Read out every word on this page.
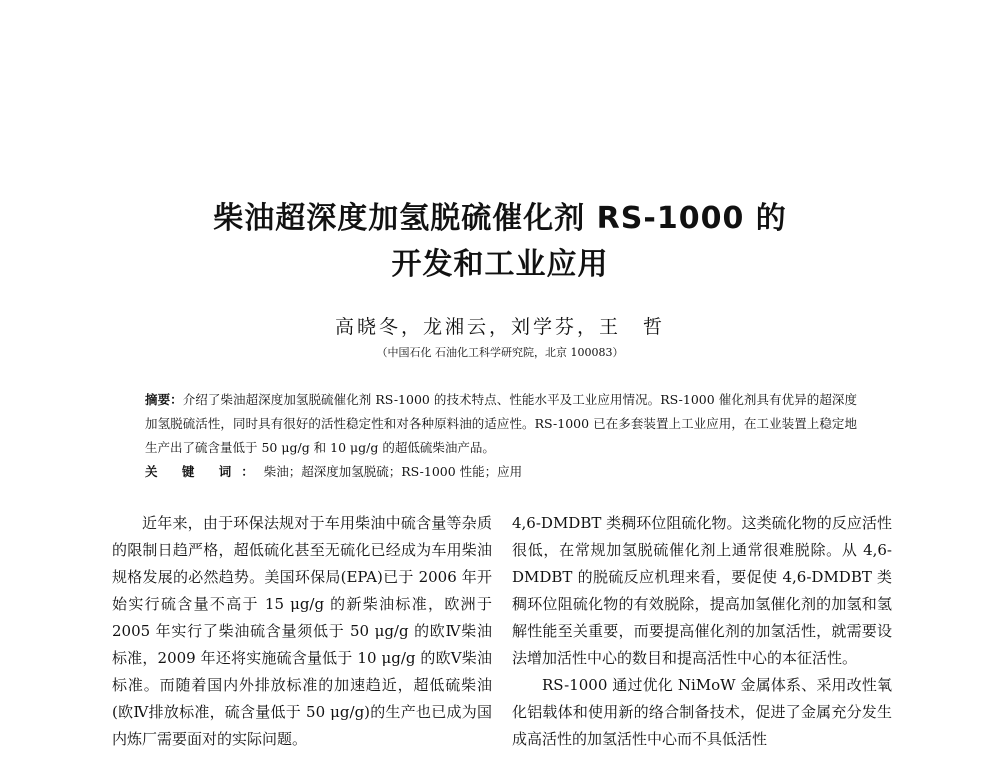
柴油超深度加氢脱硫催化剂 RS-1000 的
开发和工业应用
高晓冬，龙湘云，刘学芬，王　哲
（中国石化 石油化工科学研究院，北京 100083）
摘要：介绍了柴油超深度加氢脱硫催化剂 RS-1000 的技术特点、性能水平及工业应用情况。RS-1000 催化剂具有优异的超深度加氢脱硫活性，同时具有很好的活性稳定性和对各种原料油的适应性。RS-1000 已在多套装置上工业应用，在工业装置上稳定地生产出了硫含量低于 50 μg/g 和 10 μg/g 的超低硫柴油产品。
关 键 词：柴油；超深度加氢脱硫；RS-1000 性能；应用

近年来，由于环保法规对于车用柴油中硫含量等杂质的限制日趋严格，超低硫化甚至无硫化已经成为车用柴油规格发展的必然趋势。美国环保局(EPA)已于 2006 年开始实行硫含量不高于 15 μg/g 的新柴油标准，欧洲于 2005 年实行了柴油硫含量须低于 50 μg/g 的欧Ⅳ柴油标准，2009 年还将实施硫含量低于 10 μg/g 的欧Ⅴ柴油标准。而随着国内外排放标准的加速趋近，超低硫柴油(欧Ⅳ排放标准，硫含量低于 50 μg/g)的生产也已成为国内炼厂需要面对的实际问题。

4,6-DMDBT 类稠环位阻硫化物。这类硫化物的反应活性很低，在常规加氢脱硫催化剂上通常很难脱除。从 4,6-DMDBT 的脱硫反应机理来看，要促使 4,6-DMDBT 类稠环位阻硫化物的有效脱除，提高加氢催化剂的加氢和氢解性能至关重要，而要提高催化剂的加氢活性，就需要设法增加活性中心的数目和提高活性中心的本征活性。

RS-1000 通过优化 NiMoW 金属体系、采用改性氧化铝载体和使用新的络合制备技术，促进了金属充分发生成高活性的加氢活性中心而不具低活性
